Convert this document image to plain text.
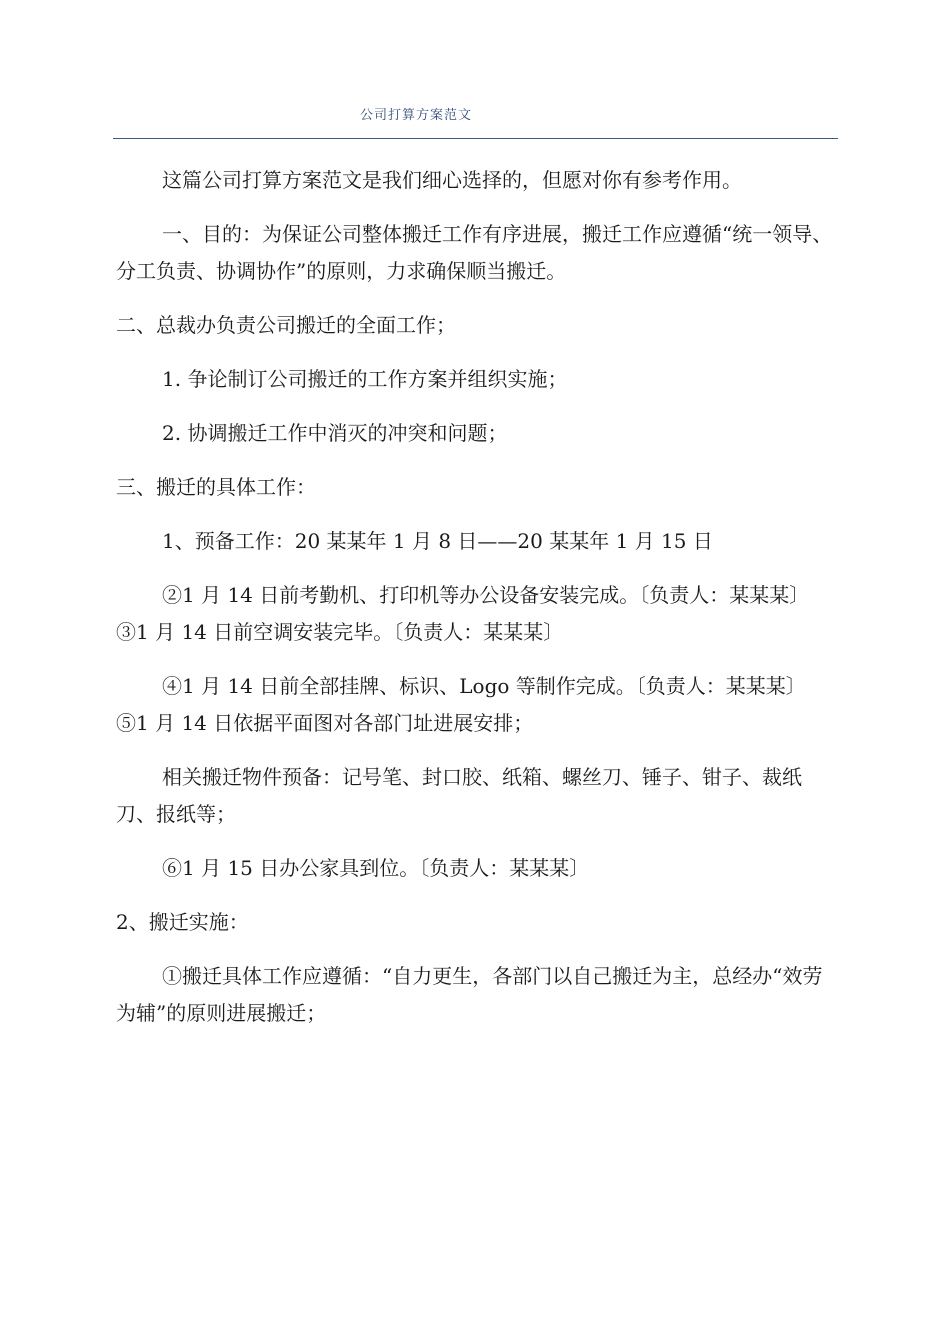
公司打算方案范文

这篇公司打算方案范文是我们细心选择的，但愿对你有参考作用。

一、目的：为保证公司整体搬迁工作有序进展，搬迁工作应遵循“统一领导、分工负责、协调协作”的原则，力求确保顺当搬迁。

二、总裁办负责公司搬迁的全面工作；

1. 争论制订公司搬迁的工作方案并组织实施；

2. 协调搬迁工作中消灭的冲突和问题；

三、搬迁的具体工作：

1、预备工作：20 某某年 1 月 8 日——20 某某年 1 月 15 日

②1 月 14 日前考勤机、打印机等办公设备安装完成。〔负责人：某某某〕③1 月 14 日前空调安装完毕。〔负责人：某某某〕

④1 月 14 日前全部挂牌、标识、Logo 等制作完成。〔负责人：某某某〕⑤1 月 14 日依据平面图对各部门址进展安排；

相关搬迁物件预备：记号笔、封口胶、纸箱、螺丝刀、锤子、钳子、裁纸刀、报纸等；

⑥1 月 15 日办公家具到位。〔负责人：某某某〕

2、搬迁实施：

①搬迁具体工作应遵循：“自力更生，各部门以自己搬迁为主，总经办“效劳为辅”的原则进展搬迁；
